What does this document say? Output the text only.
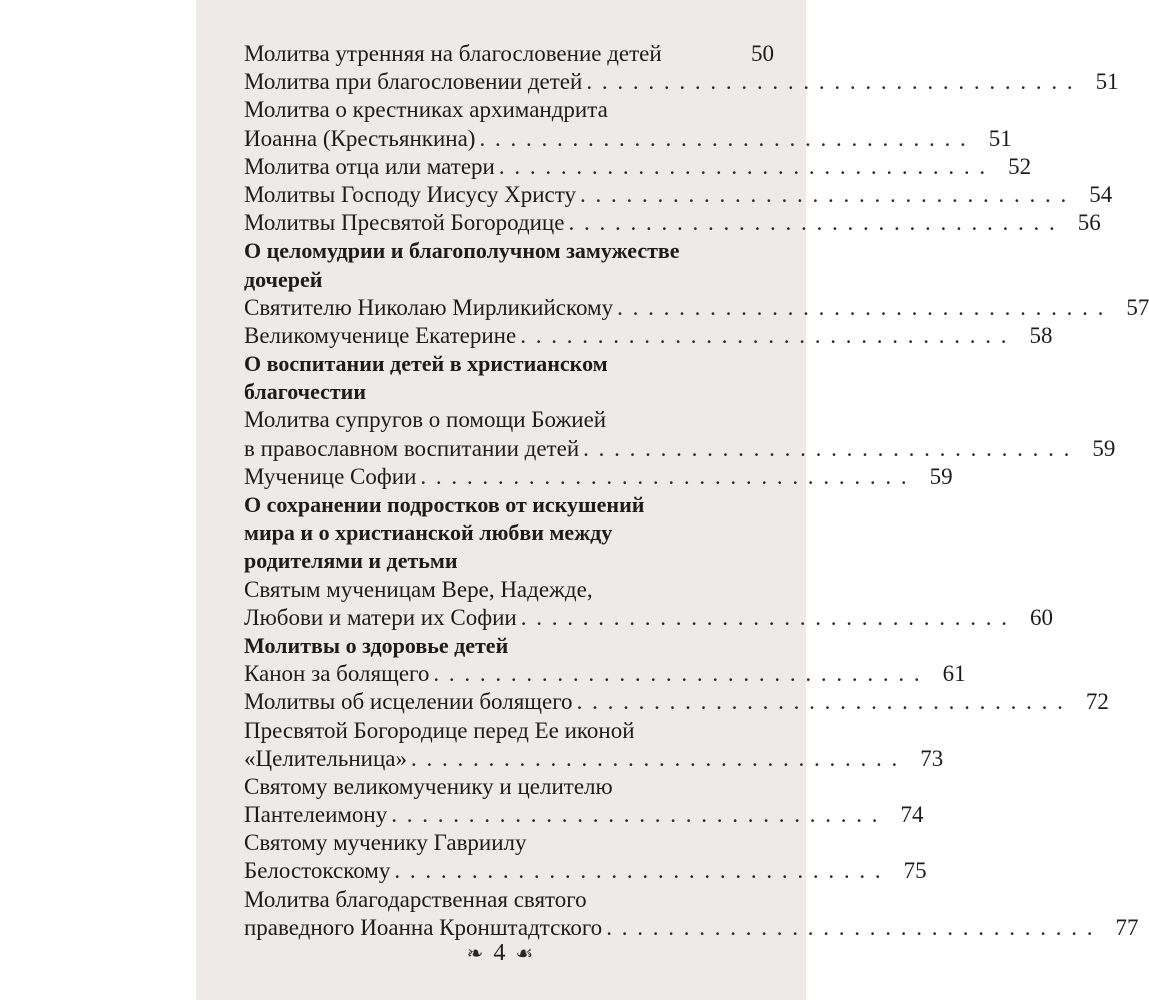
Молитва утренняя на благословение детей	50
Молитва при благословении детей . . . . . . . . . . . . . . . . . . . . . . . . . . . . . . . . 51
Молитва о крестниках архимандрита
Иоанна (Крестьянкина) . . . . . . . . . . . . . . . . . . . . . . . . . . . . . . . . 51
Молитва отца или матери . . . . . . . . . . . . . . . . . . . . . . . . . . . . . . . . 52
Молитвы Господу Иисусу Христу . . . . . . . . . . . . . . . . . . . . . . . . . . . . . . . . 54
Молитвы Пресвятой Богородице . . . . . . . . . . . . . . . . . . . . . . . . . . . . . . . . 56
О целомудрии и благополучном замужестве
дочерей
Святителю Николаю Мирликийскому . . . . . . . . . . . . . . . . . . . . . . . . . . . . . . . . 57
Великомученице Екатерине . . . . . . . . . . . . . . . . . . . . . . . . . . . . . . . . 58
О воспитании детей в христианском
благочестии
Молитва супругов о помощи Божией
в православном воспитании детей . . . . . . . . . . . . . . . . . . . . . . . . . . . . . . . . 59
Мученице Софии . . . . . . . . . . . . . . . . . . . . . . . . . . . . . . . . 59
О сохранении подростков от искушений
мира и о христианской любви между
родителями и детьми
Святым мученицам Вере, Надежде,
Любови и матери их Софии . . . . . . . . . . . . . . . . . . . . . . . . . . . . . . . . 60
Молитвы о здоровье детей
Канон за болящего . . . . . . . . . . . . . . . . . . . . . . . . . . . . . . . . 61
Молитвы об исцелении болящего . . . . . . . . . . . . . . . . . . . . . . . . . . . . . . . . 72
Пресвятой Богородице перед Ее иконой
«Целительница» . . . . . . . . . . . . . . . . . . . . . . . . . . . . . . . . 73
Святому великомученику и целителю
Пантелеимону . . . . . . . . . . . . . . . . . . . . . . . . . . . . . . . . 74
Святому мученику Гавриилу
Белостокскому . . . . . . . . . . . . . . . . . . . . . . . . . . . . . . . . 75
Молитва благодарственная святого
праведного Иоанна Кронштадтского . . . . . . . . . . . . . . . . . . . . . . . . . . . . . . . . 77
❧ 4 ☙
